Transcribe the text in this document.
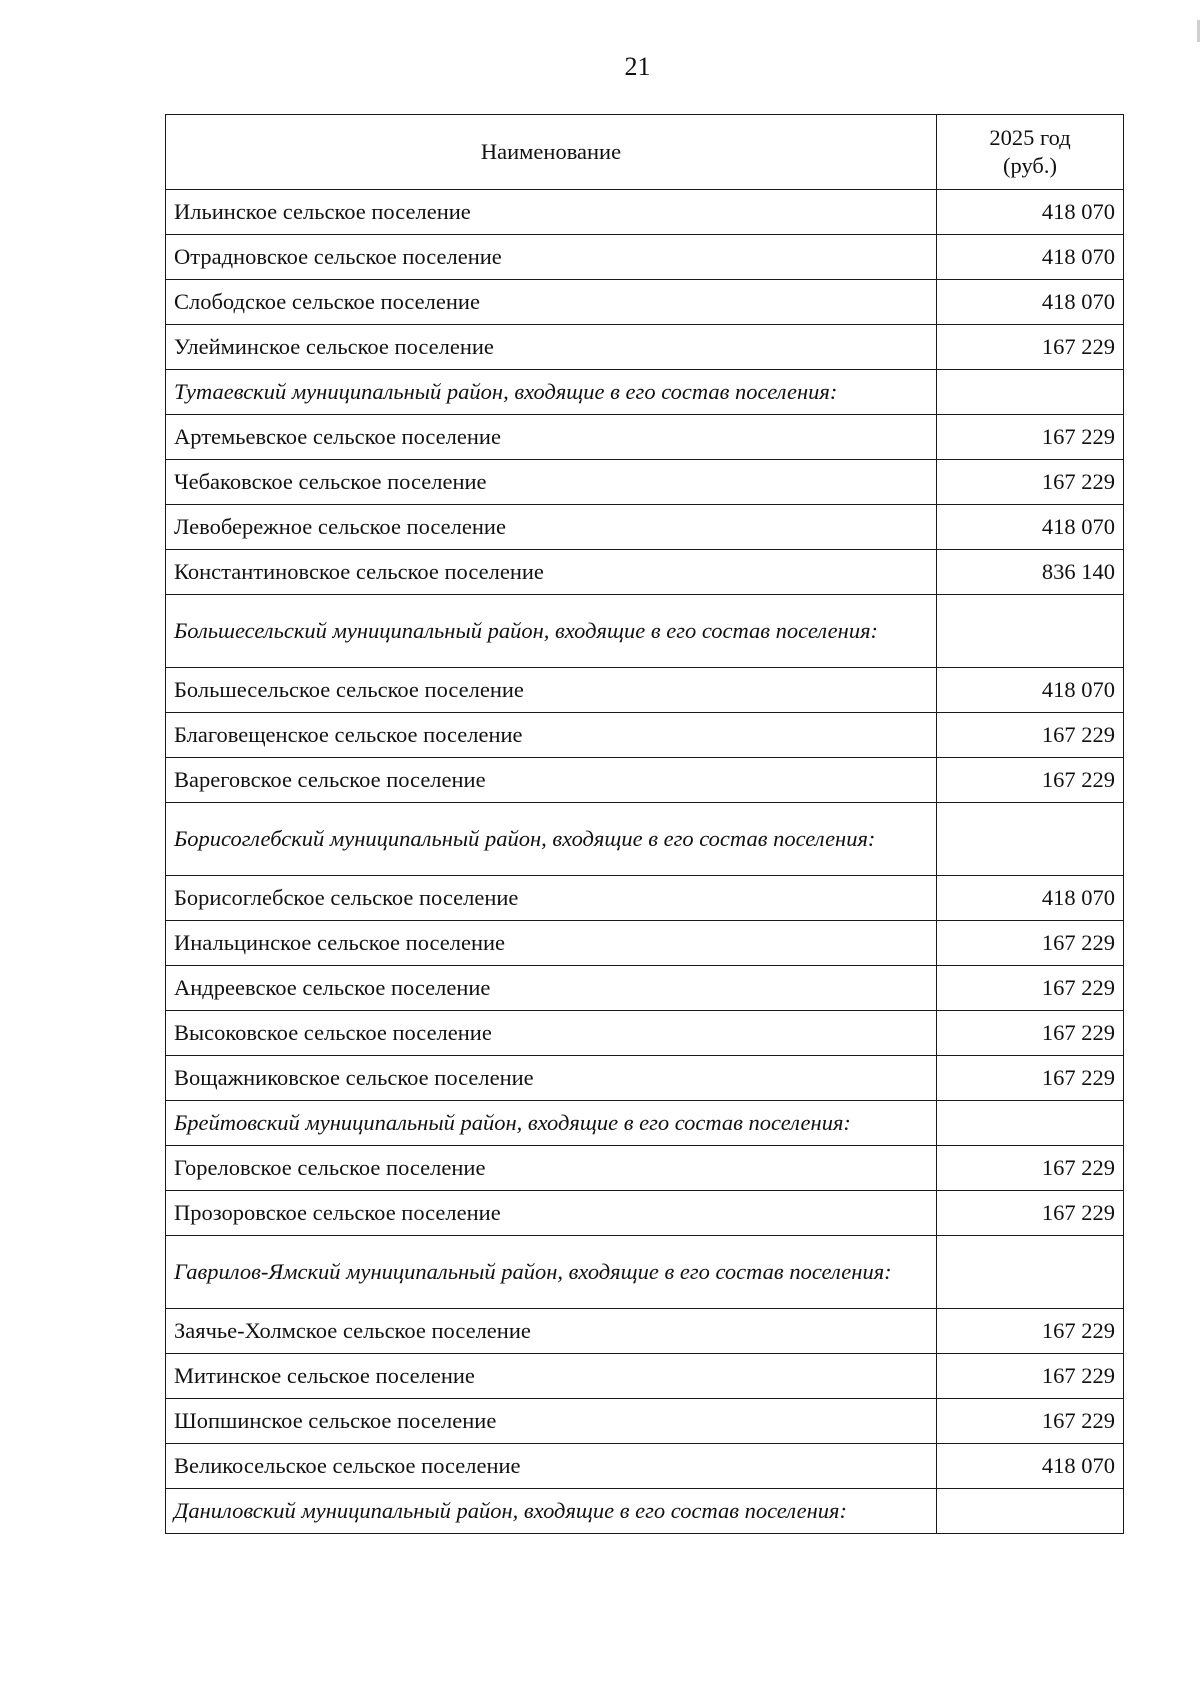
21
Наименование	2025 год
(руб.)
Ильинское сельское поселение	418 070
Отрадновское сельское поселение	418 070
Слободское сельское поселение	418 070
Улейминское сельское поселение	167 229
Тутаевский муниципальный район, входящие в его состав поселения:	
Артемьевское сельское поселение	167 229
Чебаковское сельское поселение	167 229
Левобережное сельское поселение	418 070
Константиновское сельское поселение	836 140
Большесельский муниципальный район, входящие в его состав поселения:	
Большесельское сельское поселение	418 070
Благовещенское сельское поселение	167 229
Вареговское сельское поселение	167 229
Борисоглебский муниципальный район, входящие в его состав поселения:	
Борисоглебское сельское поселение	418 070
Инальцинское сельское поселение	167 229
Андреевское сельское поселение	167 229
Высоковское сельское поселение	167 229
Вощажниковское сельское поселение	167 229
Брейтовский муниципальный район, входящие в его состав поселения:	
Гореловское сельское поселение	167 229
Прозоровское сельское поселение	167 229
Гаврилов-Ямский муниципальный район, входящие в его состав поселения:	
Заячье-Холмское сельское поселение	167 229
Митинское сельское поселение	167 229
Шопшинское сельское поселение	167 229
Великосельское сельское поселение	418 070
Даниловский муниципальный район, входящие в его состав поселения:	
